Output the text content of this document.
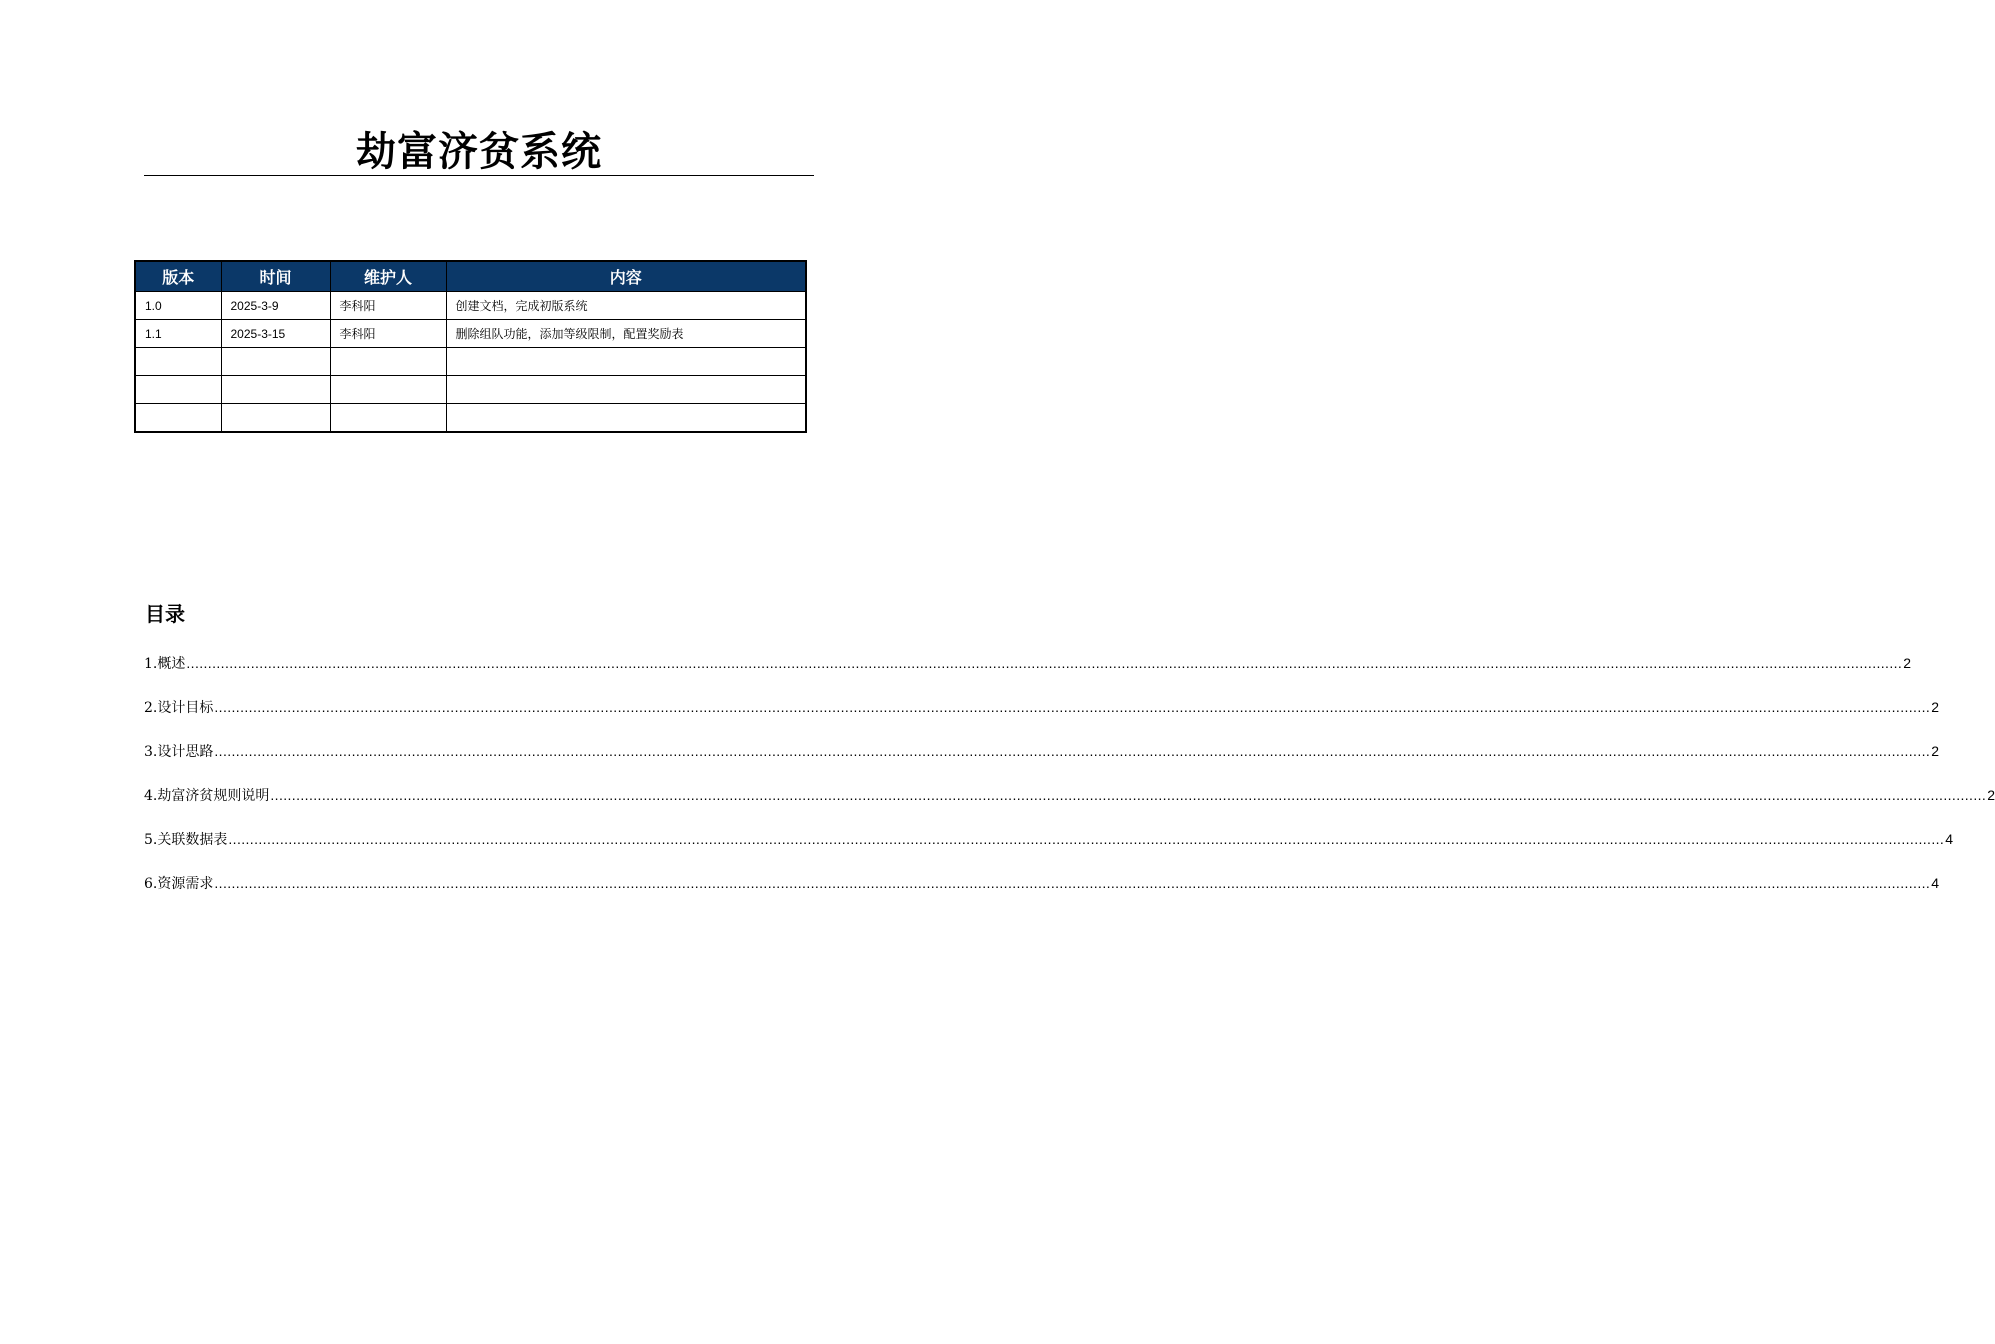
劫富济贫系统
版本	时间	维护人	内容
1.0	2025-3-9	李科阳	创建文档，完成初版系统
1.1	2025-3-15	李科阳	删除组队功能，添加等级限制，配置奖励表

目录
1.概述 ................................................................................................................................................................................................................................................................................................................................................................................................................ 2
2.设计目标 ................................................................................................................................................................................................................................................................................................................................................................................................................ 2
3.设计思路 ................................................................................................................................................................................................................................................................................................................................................................................................................ 2
4.劫富济贫规则说明 ................................................................................................................................................................................................................................................................................................................................................................................................................ 2
5.关联数据表 ................................................................................................................................................................................................................................................................................................................................................................................................................ 4
6.资源需求 ................................................................................................................................................................................................................................................................................................................................................................................................................ 4
